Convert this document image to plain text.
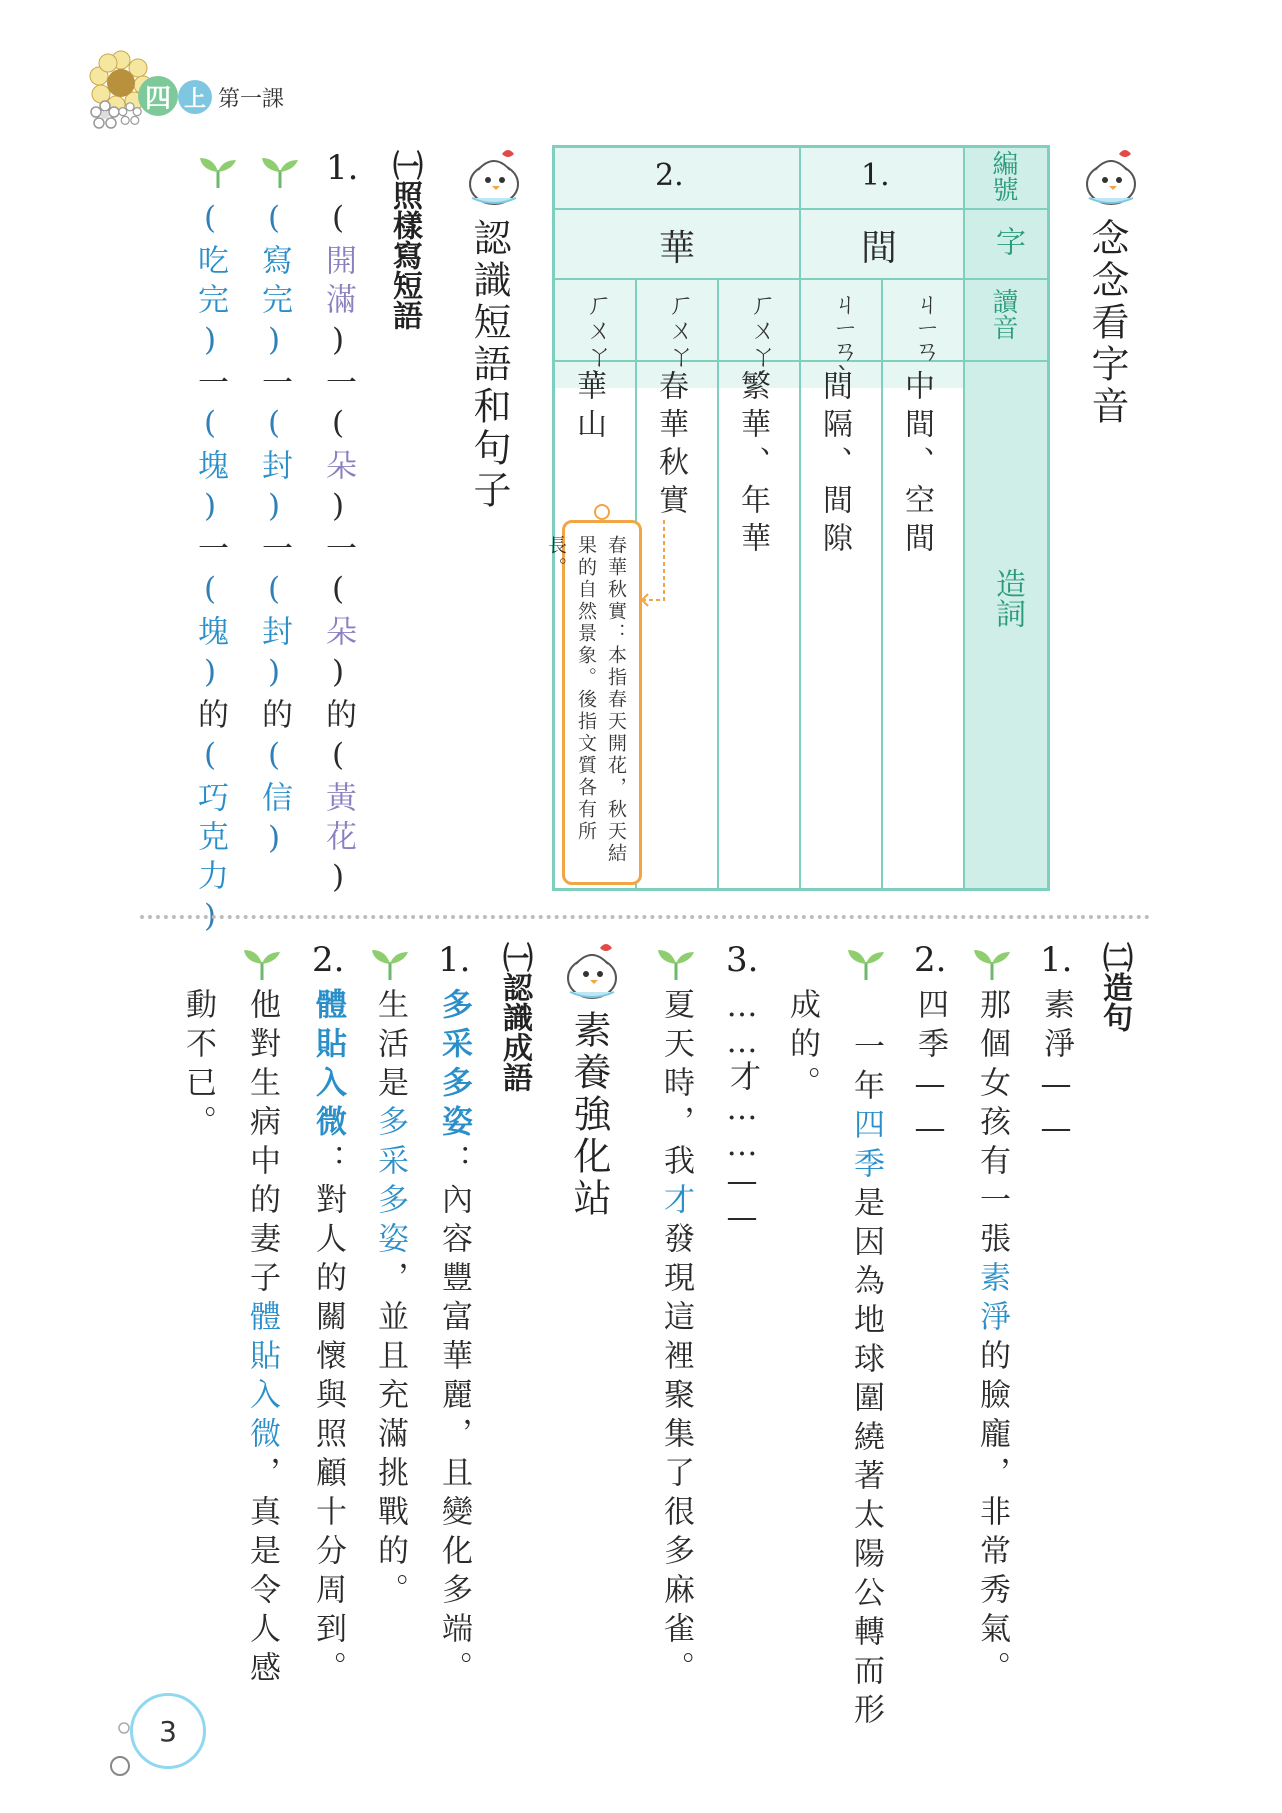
四 上 第一課
念念看字音
編號
字
讀音
造詞
1.
2.
間
華
ㄐㄧㄢ
ㄐㄧㄢˋ
ㄏㄨㄚˊ
ㄏㄨㄚ
ㄏㄨㄚˋ
中間、空間
間隔、間隙
繁華、年華
春華秋實
華山
春華秋實：本指春天開花，秋天結果的自然景象。後指文質各有所長。
認識短語和句子
㈠照樣寫短語
1.
(開滿)一(朵)一(朵)的(黃花)
(寫完)一(封)一(封)的(信)
(吃完)一(塊)一(塊)的(巧克力)
㈡造句
1.
素淨——
那個女孩有一張素淨的臉龐，非常秀氣。
2.
四季——
一年四季是因為地球圍繞著太陽公轉而形
成的。
3.
……才……——
夏天時，我才發現這裡聚集了很多麻雀。
素養強化站
㈠認識成語
1.
多采多姿：內容豐富華麗，且變化多端。
生活是多采多姿，並且充滿挑戰的。
2.
體貼入微：對人的關懷與照顧十分周到。
他對生病中的妻子體貼入微，真是令人感
動不已。
3
